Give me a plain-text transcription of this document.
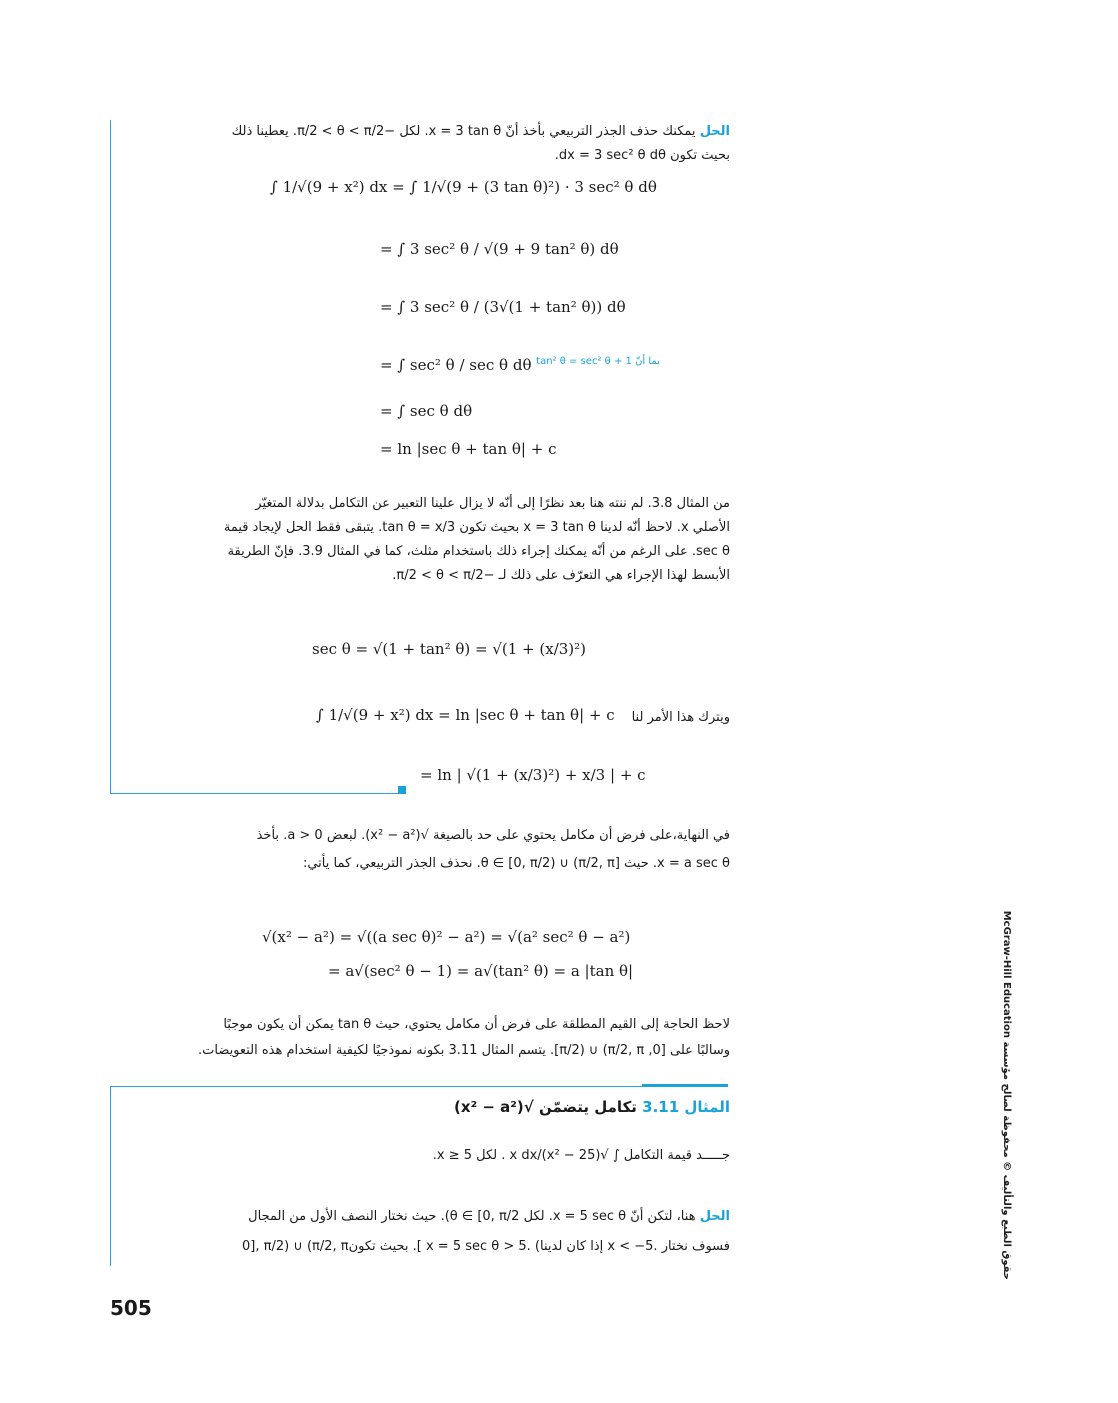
الحل يمكنك حذف الجذر التربيعي بأخذ أنّ x = 3 tan θ. لكل −π/2 < θ < π/2. يعطينا ذلك
بحيث تكون dx = 3 sec² θ dθ.
∫ 1/√(9 + x²) dx = ∫ 1/√(9 + (3 tan θ)²) · 3 sec² θ dθ
= ∫ 3 sec² θ / √(9 + 9 tan² θ) dθ
= ∫ 3 sec² θ / (3√(1 + tan² θ)) dθ
= ∫ sec² θ / sec θ dθ بما أنّ 1 + tan² θ = sec² θ
= ∫ sec θ dθ
= ln |sec θ + tan θ| + c
من المثال 3.8. لم ننته هنا بعد نظرًا إلى أنّه لا يزال علينا التعبير عن التكامل بدلالة المتغيّر
الأصلي x. لاحظ أنّه لدينا x = 3 tan θ بحيث تكون tan θ = x/3. يتبقى فقط الحل لإيجاد قيمة
sec θ. على الرغم من أنّه يمكنك إجراء ذلك باستخدام مثلث، كما في المثال 3.9. فإنّ الطريقة
الأبسط لهذا الإجراء هي التعرّف على ذلك لـ −π/2 < θ < π/2.
sec θ = √(1 + tan² θ) = √(1 + (x/3)²)
ويترك هذا الأمر لنا
∫ 1/√(9 + x²) dx = ln |sec θ + tan θ| + c
= ln | √(1 + (x/3)²) + x/3 | + c
في النهاية،على فرض أن مكامل يحتوي على حد بالصيغة √(x² − a²). لبعض a > 0. بأخذ
x = a sec θ. حيث θ ∈ [0, π/2) ∪ (π/2, π]. نحذف الجذر التربيعي، كما يأتي:
√(x² − a²) = √((a sec θ)² − a²) = √(a² sec² θ − a²)
= a√(sec² θ − 1) = a√(tan² θ) = a |tan θ|
لاحظ الحاجة إلى القيم المطلقة على فرض أن مكامل يحتوي، حيث tan θ يمكن أن يكون موجبًا
وسالبًا على [0, π/2) ∪ (π/2, π]. يتسم المثال 3.11 بكونه نموذجيًا لكيفية استخدام هذه التعويضات.
المثال 3.11 تكامل يتضمّن √(x² − a²)
جـــــد قيمة التكامل ∫ √(x² − 25)/x dx . لكل x ≥ 5.
الحل هنا، لتكن أنّ x = 5 sec θ. لكل θ ∈ [0, π/2). حيث نختار النصف الأول من المجال
[0, π/2) ∪ (π/2, π]. بحيث تكون x = 5 sec θ > 5. (إذا كان لدينا x < −5. فسوف نختار
حقوق الطبع والتأليف © محفوظة لصالح مؤسسة McGraw-Hill Education
505
